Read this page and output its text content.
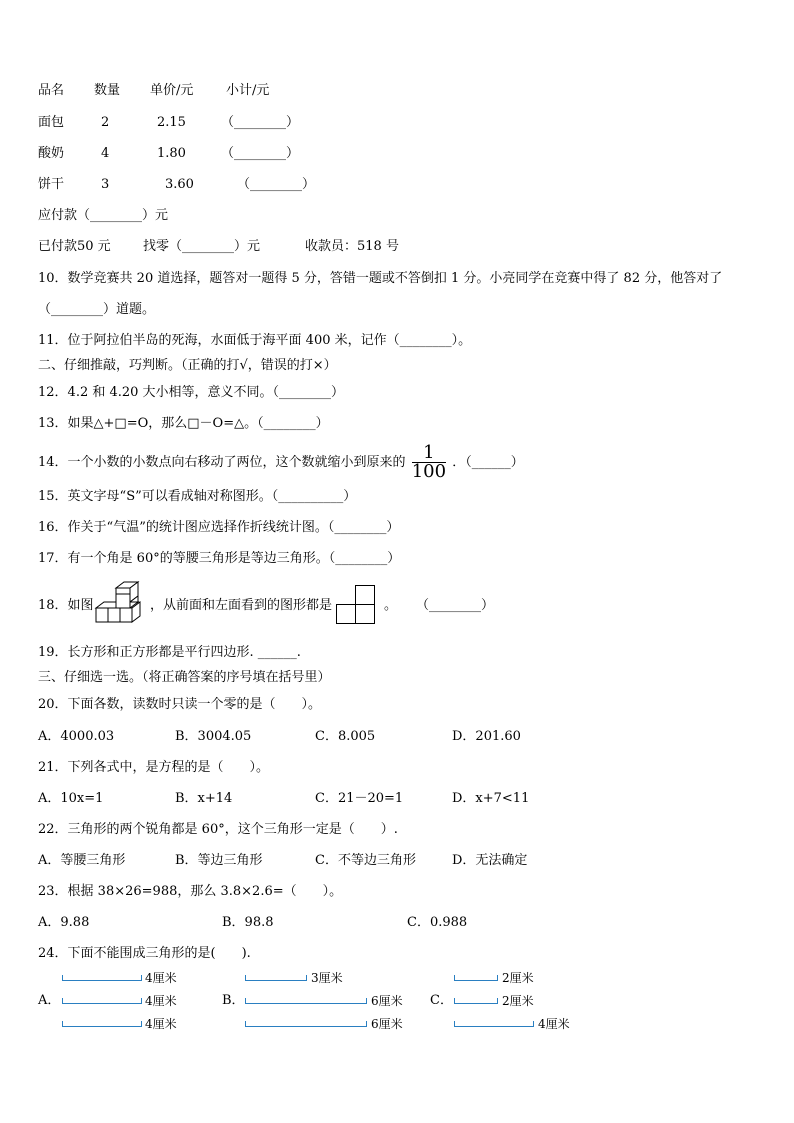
品名 数量 单价/元	小计/元
面包	2	2.15	（________）
酸奶	4	1.80	（________）
饼干	3	3.60	（________）
应付款（________）元
已付款50 元 找零（________）元	收款员：518 号
10．数学竞赛共 20 道选择，题答对一题得 5 分，答错一题或不答倒扣 1 分。小亮同学在竞赛中得了 82 分，他答对了
（________）道题。
11．位于阿拉伯半岛的死海，水面低于海平面 400 米，记作（________）。
二、仔细推敲，巧判断。（正确的打√，错误的打×）
12．4.2 和 4.20 大小相等，意义不同。（________）
13．如果△+□=O，那么□－O=△。（________）
14．一个小数的小数点向右移动了两位，这个数就缩小到原来的 $\frac{1}{100}$ ．（______）
15．英文字母“S”可以看成轴对称图形。（__________）
16．作关于“气温”的统计图应选择作折线统计图。（________）
17．有一个角是 60°的等腰三角形是等边三角形。（________）
18．如图	，从前面和左面看到的图形都是	。 （________）
19．长方形和正方形都是平行四边形. ______.
三、仔细选一选。（将正确答案的序号填在括号里）
20．下面各数，读数时只读一个零的是（　　）。
A．4000.03	B．3004.05	C．8.005	D．201.60
21．下列各式中，是方程的是（　　）。
A．10x=1	B．x+14	C．21－20=1	D．x+7<11
22．三角形的两个锐角都是 60°，这个三角形一定是（　　）.
A．等腰三角形	B．等边三角形	C．不等边三角形	D．无法确定
23．根据 38×26=988，那么 3.8×2.6=（　　）。
A．9.88	B．98.8	C．0.988
24．下面不能围成三角形的是(　　).
A．
4厘米
4厘米
4厘米
B．
3厘米
6厘米
6厘米
C．
2厘米
2厘米
4厘米
